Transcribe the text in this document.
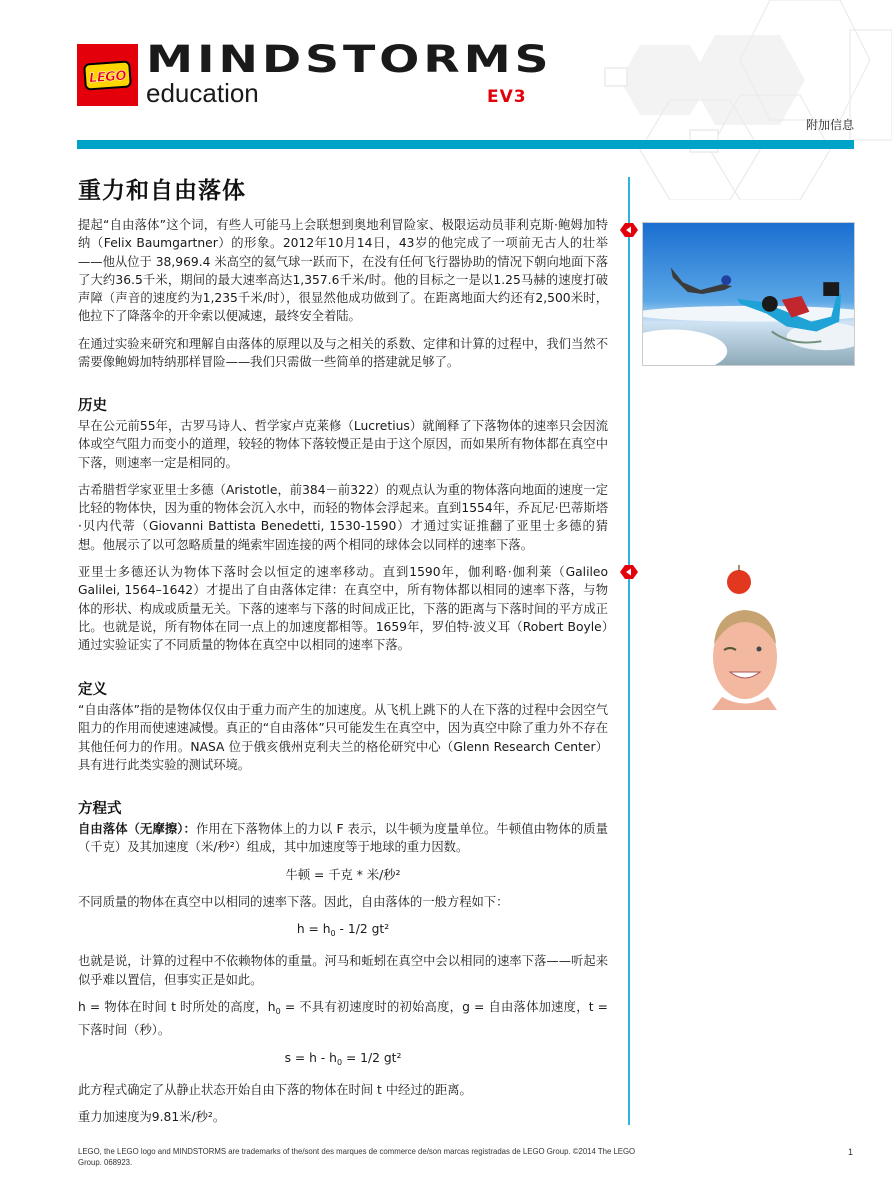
LEGO MINDSTORMS
education	EV3
附加信息
重力和自由落体

提起“自由落体”这个词，有些人可能马上会联想到奥地利冒险家、极限运动员菲利克斯·鲍姆加特纳（Felix Baumgartner）的形象。2012年10月14日，43岁的他完成了一项前无古人的壮举——他从位于 38,969.4 米高空的氦气球一跃而下，在没有任何飞行器协助的情况下朝向地面下落了大约36.5千米，期间的最大速率高达1,357.6千米/时。他的目标之一是以1.25马赫的速度打破声障（声音的速度约为1,235千米/时），很显然他成功做到了。在距离地面大约还有2,500米时，他拉下了降落伞的开伞索以便减速，最终安全着陆。

在通过实验来研究和理解自由落体的原理以及与之相关的系数、定律和计算的过程中，我们当然不需要像鲍姆加特纳那样冒险——我们只需做一些简单的搭建就足够了。

历史

早在公元前55年，古罗马诗人、哲学家卢克莱修（Lucretius）就阐释了下落物体的速率只会因流体或空气阻力而变小的道理，较轻的物体下落较慢正是由于这个原因，而如果所有物体都在真空中下落，则速率一定是相同的。

古希腊哲学家亚里士多德（Aristotle，前384－前322）的观点认为重的物体落向地面的速度一定比轻的物体快，因为重的物体会沉入水中，而轻的物体会浮起来。直到1554年，乔瓦尼·巴蒂斯塔·贝内代蒂（Giovanni Battista Benedetti, 1530-1590）才通过实证推翻了亚里士多德的猜想。他展示了以可忽略质量的绳索牢固连接的两个相同的球体会以同样的速率下落。

亚里士多德还认为物体下落时会以恒定的速率移动。直到1590年，伽利略·伽利莱（Galileo Galilei, 1564–1642）才提出了自由落体定律：在真空中，所有物体都以相同的速率下落，与物体的形状、构成或质量无关。下落的速率与下落的时间成正比，下落的距离与下落时间的平方成正比。也就是说，所有物体在同一点上的加速度都相等。1659年，罗伯特·波义耳（Robert Boyle）通过实验证实了不同质量的物体在真空中以相同的速率下落。

定义

“自由落体”指的是物体仅仅由于重力而产生的加速度。从飞机上跳下的人在下落的过程中会因空气阻力的作用而使速速减慢。真正的“自由落体”只可能发生在真空中，因为真空中除了重力外不存在其他任何力的作用。NASA 位于俄亥俄州克利夫兰的格伦研究中心（Glenn Research Center）具有进行此类实验的测试环境。

方程式

自由落体（无摩擦）：作用在下落物体上的力以 F 表示，以牛顿为度量单位。牛顿值由物体的质量（千克）及其加速度（米/秒²）组成，其中加速度等于地球的重力因数。

牛顿 = 千克 * 米/秒²

不同质量的物体在真空中以相同的速率下落。因此，自由落体的一般方程如下：

$h = h_0 - 1/2$ gt²

也就是说，计算的过程中不依赖物体的重量。河马和蚯蚓在真空中会以相同的速率下落——听起来似乎难以置信，但事实正是如此。

h = 物体在时间 t 时所处的高度，$h_0$ = 不具有初速度时的初始高度，g = 自由落体加速度，t = 下落时间（秒）。

$s = h - h_0 = 1/2$ gt²

此方程式确定了从静止状态开始自由下落的物体在时间 t 中经过的距离。

重力加速度为9.81米/秒²。

LEGO, the LEGO logo and MINDSTORMS are trademarks of the/sont des marques de commerce de/son marcas registradas de LEGO Group. ©2014 The LEGO Group. 068923.
1
